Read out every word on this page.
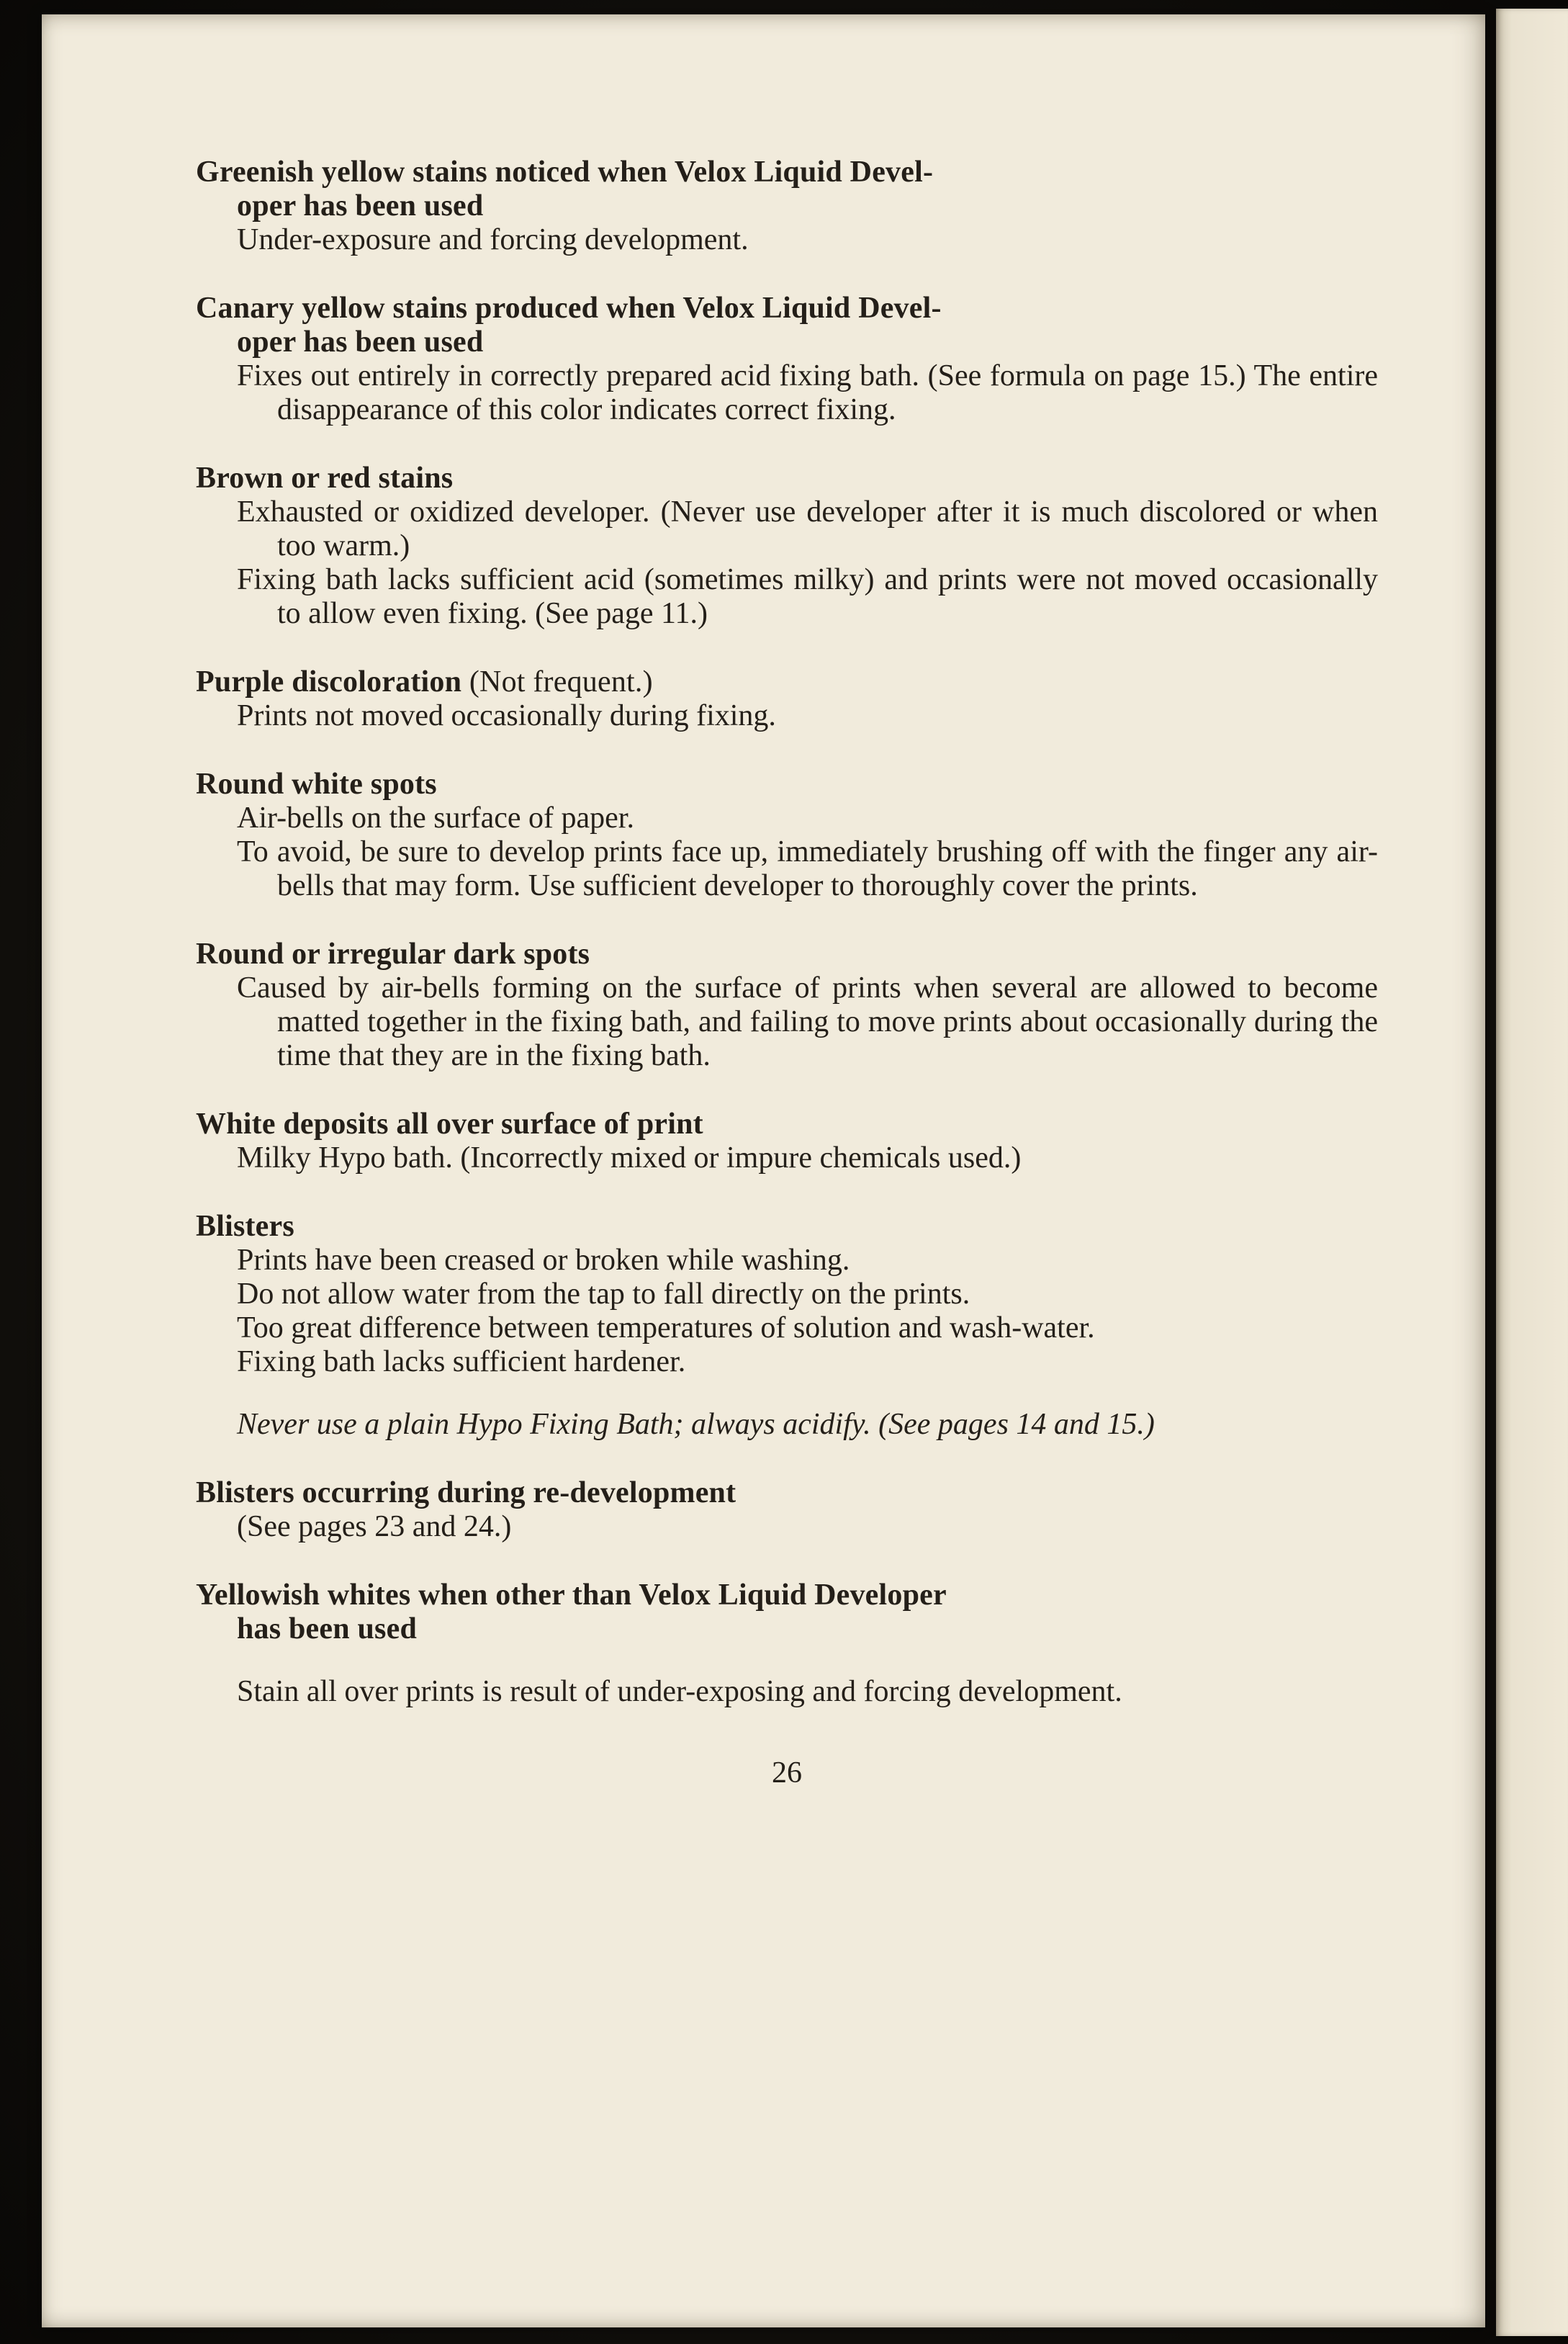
Greenish yellow stains noticed when Velox Liquid Devel-
oper has been used

Under-exposure and forcing development.

Canary yellow stains produced when Velox Liquid Devel-
oper has been used

Fixes out entirely in correctly prepared acid fixing bath. (See formula on page 15.) The entire disappearance of this color indicates correct fixing.

Brown or red stains

Exhausted or oxidized developer. (Never use developer after it is much discolored or when too warm.)

Fixing bath lacks sufficient acid (sometimes milky) and prints were not moved occasionally to allow even fixing. (See page 11.)

Purple discoloration (Not frequent.)

Prints not moved occasionally during fixing.

Round white spots

Air-bells on the surface of paper.

To avoid, be sure to develop prints face up, immediately brushing off with the finger any air-bells that may form. Use sufficient developer to thoroughly cover the prints.

Round or irregular dark spots

Caused by air-bells forming on the surface of prints when several are allowed to become matted together in the fixing bath, and failing to move prints about occasionally during the time that they are in the fixing bath.

White deposits all over surface of print

Milky Hypo bath. (Incorrectly mixed or impure chemicals used.)

Blisters

Prints have been creased or broken while washing.

Do not allow water from the tap to fall directly on the prints.

Too great difference between temperatures of solution and wash-water.

Fixing bath lacks sufficient hardener.

Never use a plain Hypo Fixing Bath; always acidify. (See pages 14 and 15.)

Blisters occurring during re-development

(See pages 23 and 24.)

Yellowish whites when other than Velox Liquid Developer
has been used

Stain all over prints is result of under-exposing and forcing development.

26
